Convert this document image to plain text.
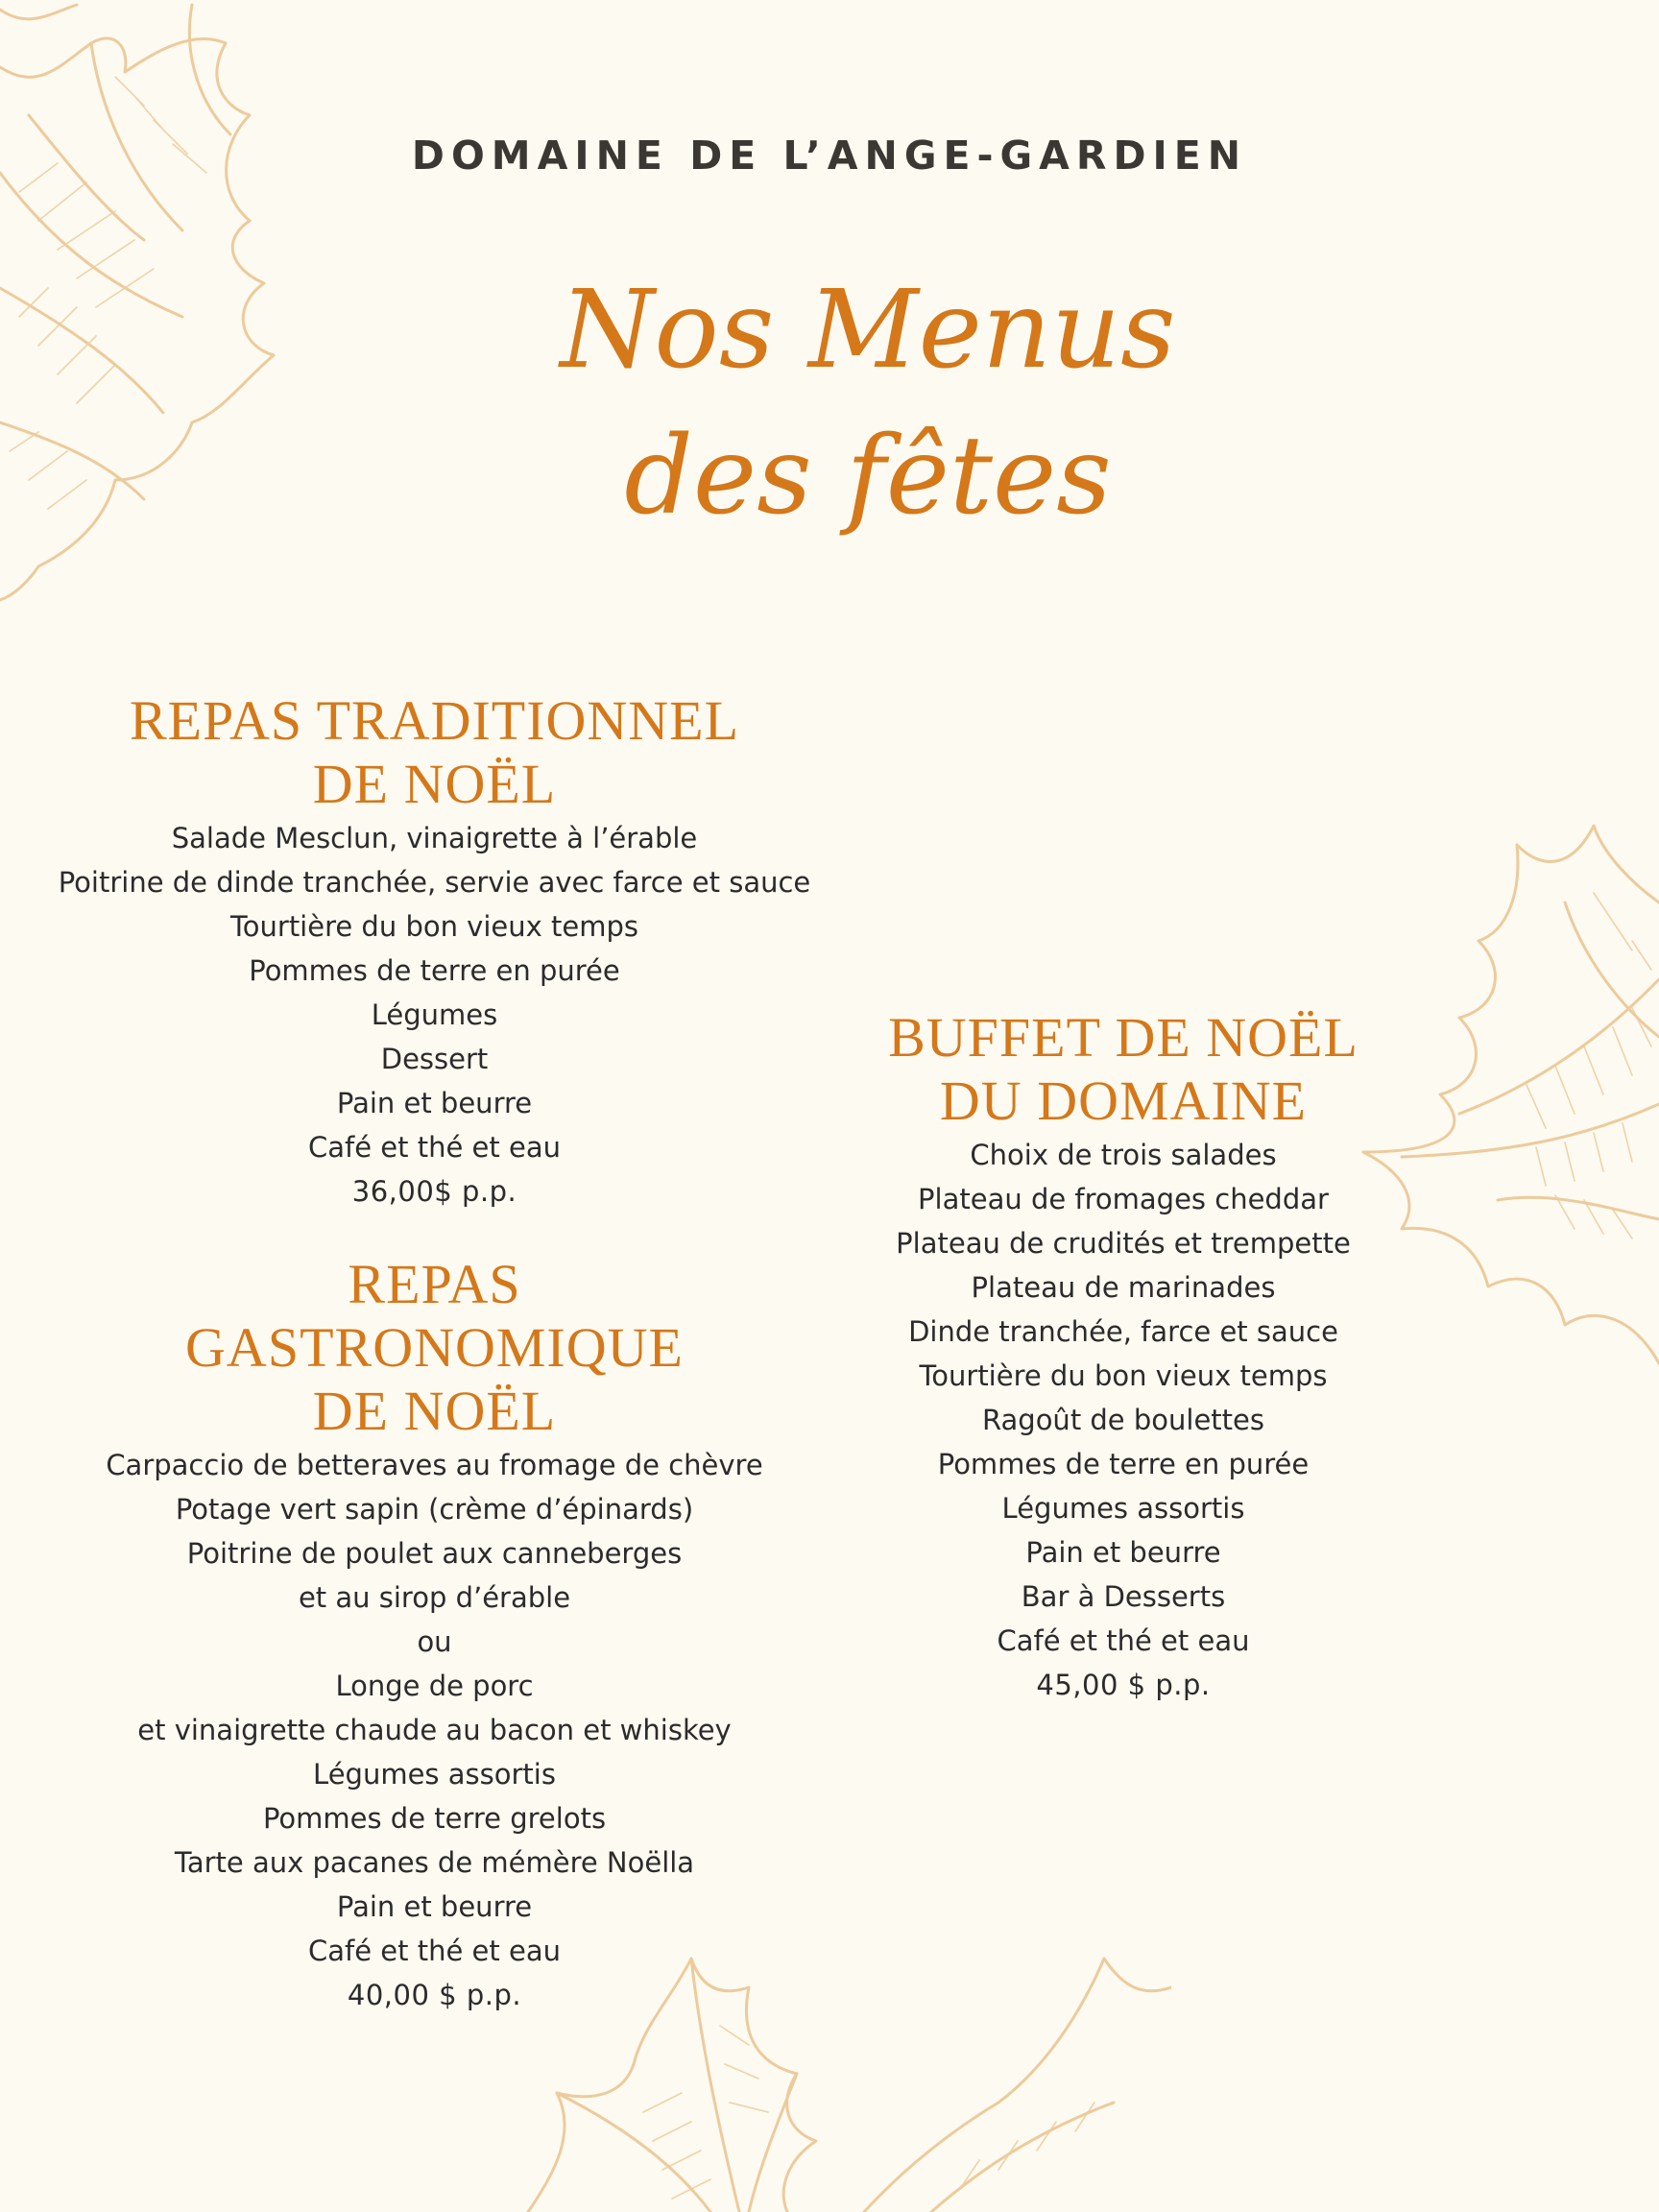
DOMAINE DE L’ANGE-GARDIEN
Nos Menus
des fêtes
REPAS TRADITIONNEL
DE NOËL
Salade Mesclun, vinaigrette à l’érable
Poitrine de dinde tranchée, servie avec farce et sauce
Tourtière du bon vieux temps
Pommes de terre en purée
Légumes
Dessert
Pain et beurre
Café et thé et eau
36,00$ p.p.
REPAS
GASTRONOMIQUE
DE NOËL
Carpaccio de betteraves au fromage de chèvre
Potage vert sapin (crème d’épinards)
Poitrine de poulet aux canneberges
et au sirop d’érable
ou
Longe de porc
et vinaigrette chaude au bacon et whiskey
Légumes assortis
Pommes de terre grelots
Tarte aux pacanes de mémère Noëlla
Pain et beurre
Café et thé et eau
40,00 $ p.p.
BUFFET DE NOËL
DU DOMAINE
Choix de trois salades
Plateau de fromages cheddar
Plateau de crudités et trempette
Plateau de marinades
Dinde tranchée, farce et sauce
Tourtière du bon vieux temps
Ragoût de boulettes
Pommes de terre en purée
Légumes assortis
Pain et beurre
Bar à Desserts
Café et thé et eau
45,00 $ p.p.
